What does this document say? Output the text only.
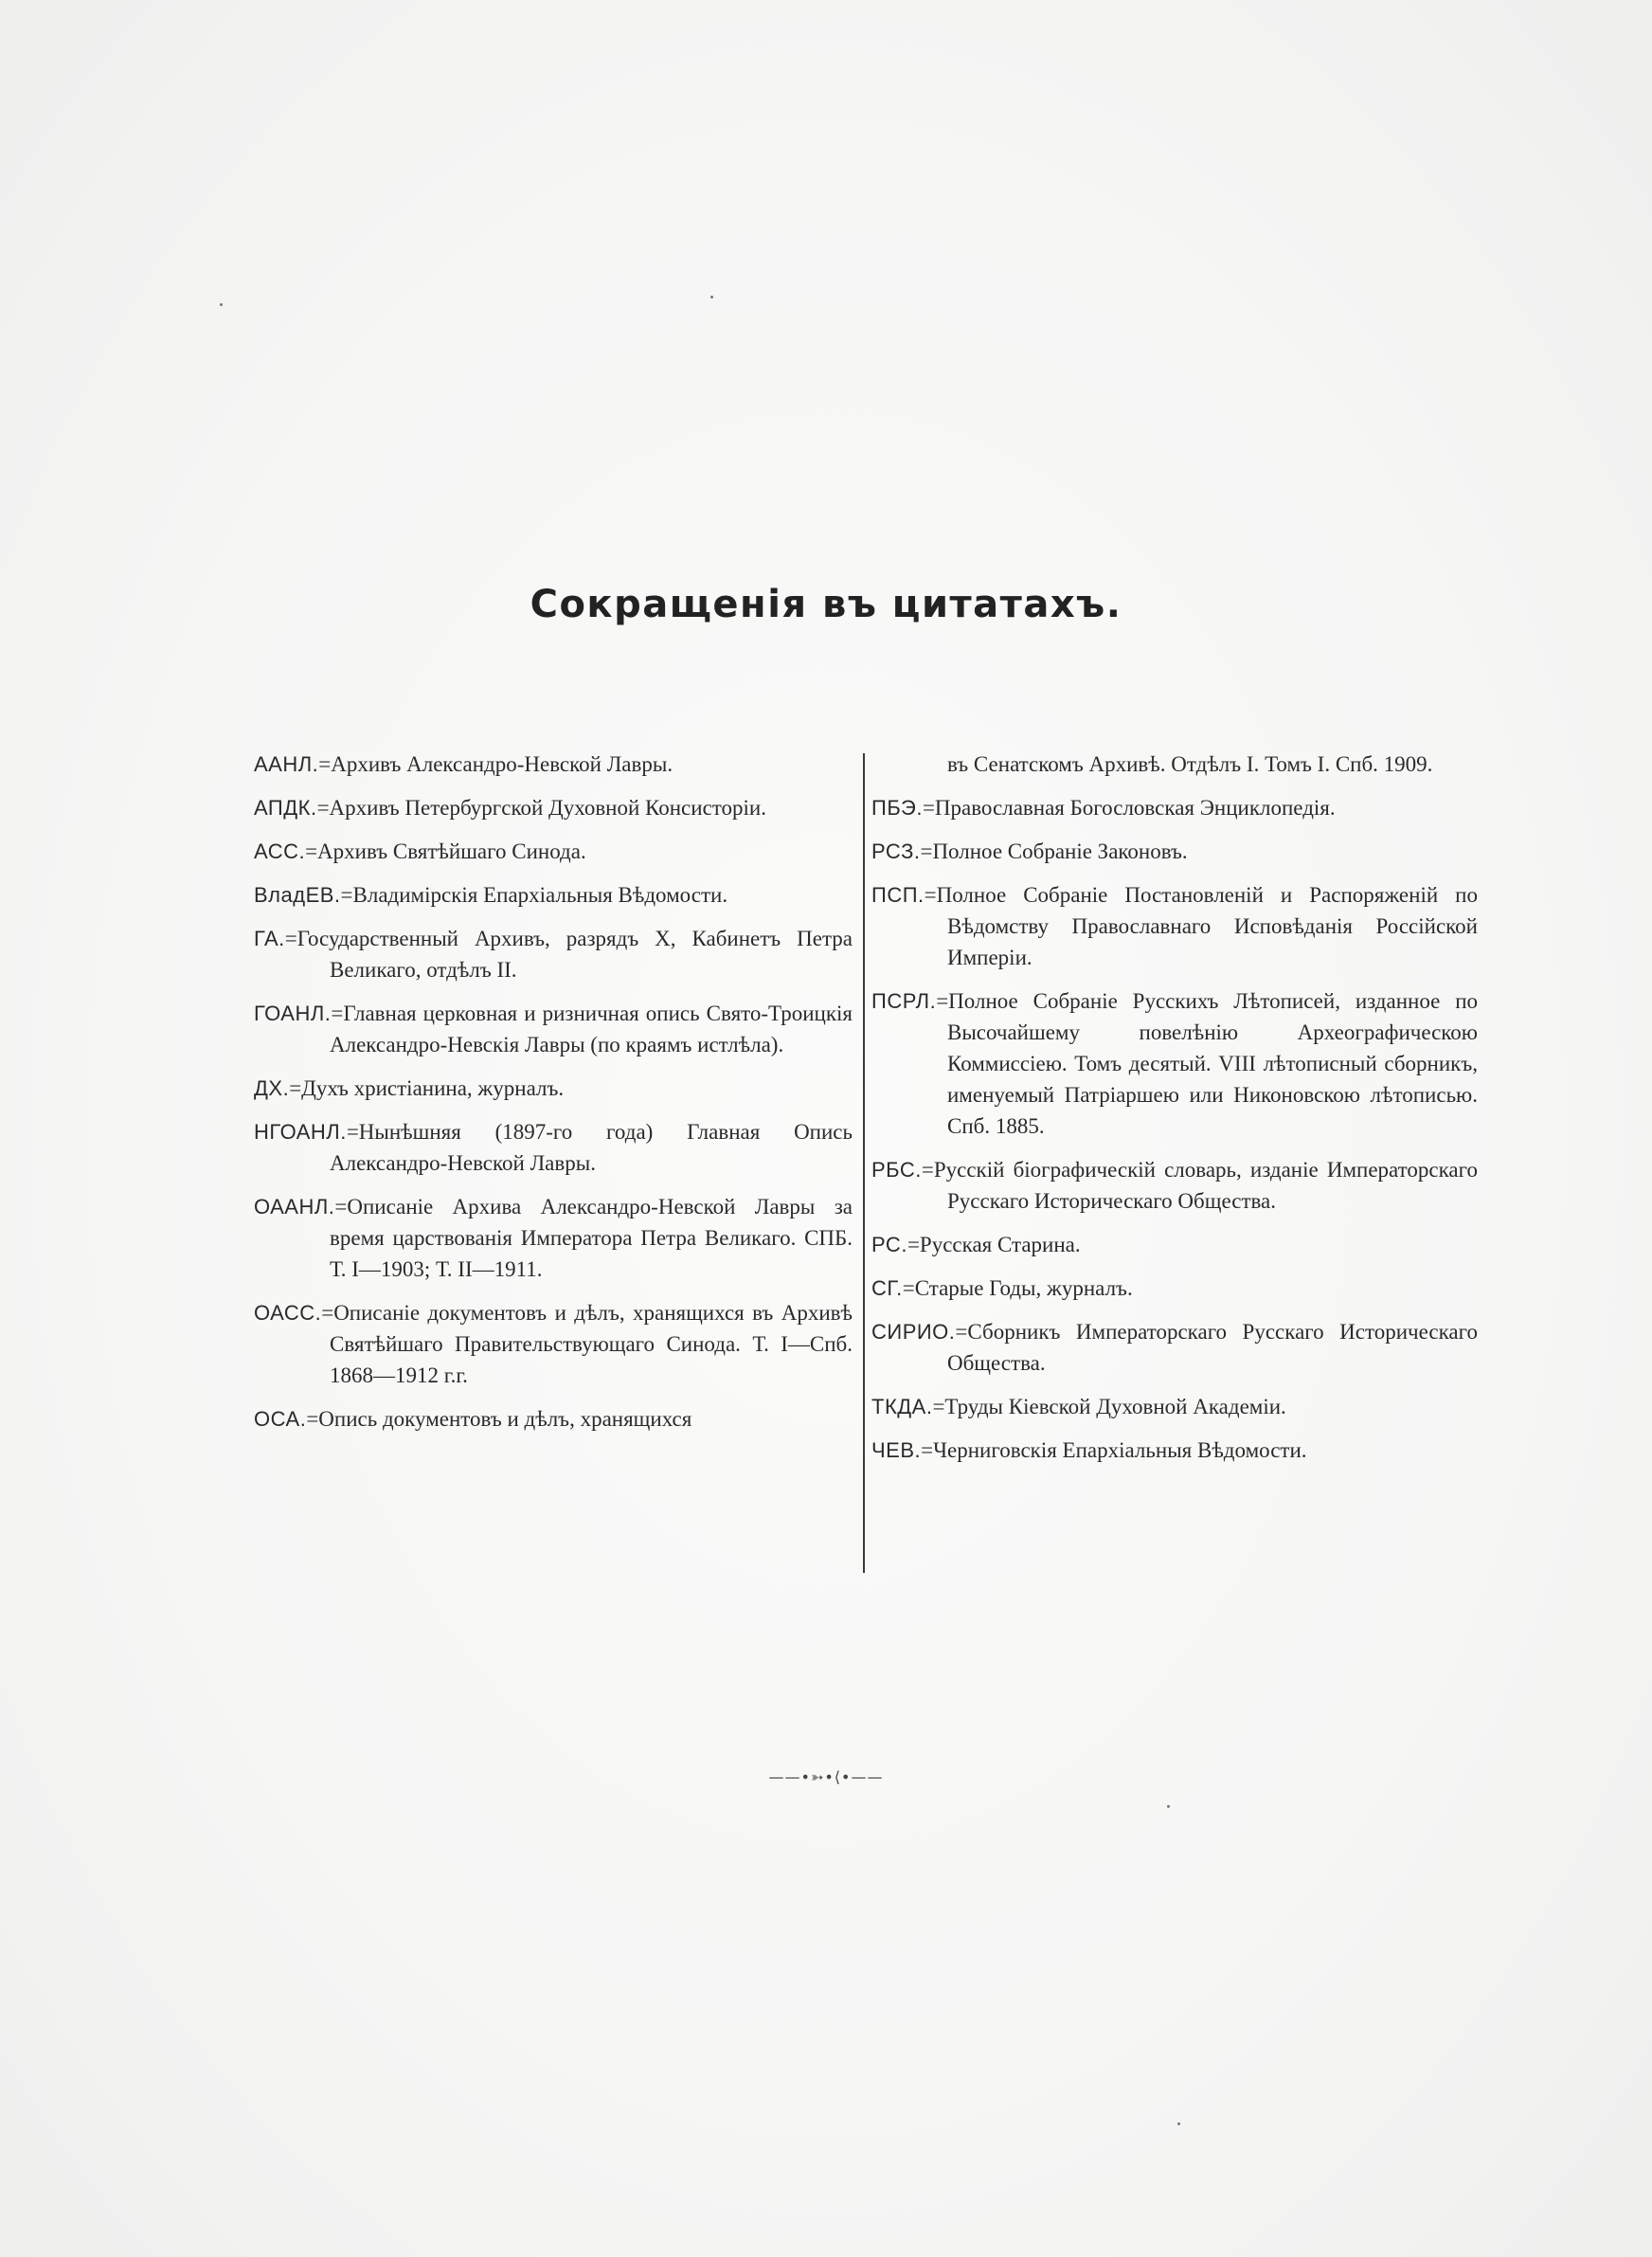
Сокращенія въ цитатахъ.
ААНЛ.=Архивъ Александро-Невской Лавры.
АПДК.=Архивъ Петербургской Духовной Консисторіи.
АСС.=Архивъ Святѣйшаго Синода.
ВладЕВ.=Владимірскія Епархіальныя Вѣдомости.
ГА.=Государственный Архивъ, разрядъ X, Кабинетъ Петра Великаго, отдѣлъ II.
ГОАНЛ.=Главная церковная и ризничная опись Свято-Троицкія Александро-Невскія Лавры (по краямъ истлѣла).
ДХ.=Духъ христіанина, журналъ.
НГОАНЛ.=Нынѣшняя (1897-го года) Главная Опись Александро-Невской Лавры.
ОААНЛ.=Описаніе Архива Александро-Невской Лавры за время царствованія Императора Петра Великаго. СПБ. Т. I—1903; Т. II—1911.
ОАСС.=Описаніе документовъ и дѣлъ, хранящихся въ Архивѣ Святѣйшаго Правительствующаго Синода. Т. I—Спб. 1868—1912 г.г.
ОСА.=Опись документовъ и дѣлъ, хранящихся
въ Сенатскомъ Архивѣ. Отдѣлъ I. Томъ I. Спб. 1909.
ПБЭ.=Православная Богословская Энциклопедія.
РСЗ.=Полное Собраніе Законовъ.
ПСП.=Полное Собраніе Постановленій и Распоряженій по Вѣдомству Православнаго Исповѣданія Россійской Имперіи.
ПСРЛ.=Полное Собраніе Русскихъ Лѣтописей, изданное по Высочайшему повелѣнію Археографическою Коммиссіею. Томъ десятый. VIII лѣтописный сборникъ, именуемый Патріаршею или Никоновскою лѣтописью. Спб. 1885.
РБС.=Русскій біографическій словарь, изданіе Императорскаго Русскаго Историческаго Общества.
РС.=Русская Старина.
СГ.=Старые Годы, журналъ.
СИРИО.=Сборникъ Императорскаго Русскаго Историческаго Общества.
ТКДА.=Труды Кіевской Духовной Академіи.
ЧЕВ.=Черниговскія Епархіальныя Вѣдомости.
——•➳•⟨•——
